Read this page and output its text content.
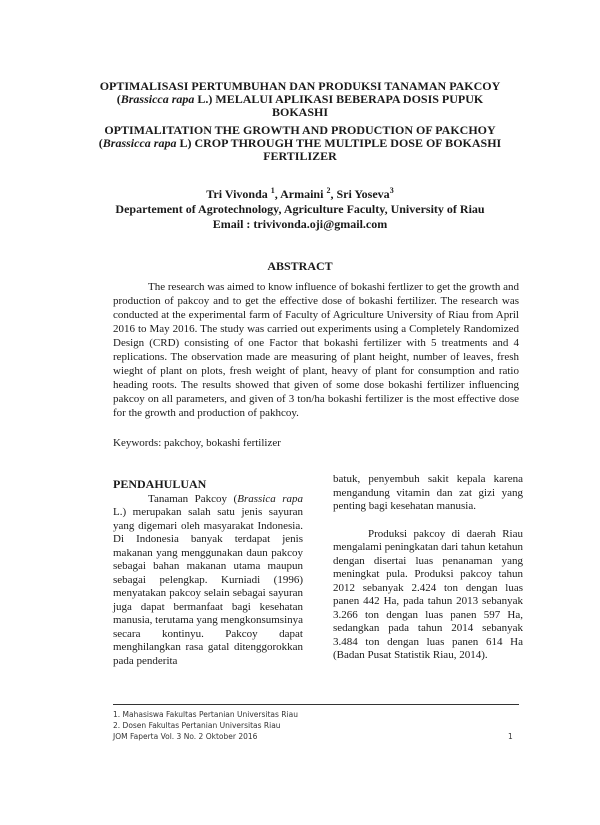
OPTIMALISASI PERTUMBUHAN DAN PRODUKSI TANAMAN PAKCOY
(Brassicca rapa L.) MELALUI APLIKASI BEBERAPA DOSIS PUPUK
BOKASHI
OPTIMALITATION THE GROWTH AND PRODUCTION OF PAKCHOY
(Brassicca rapa L) CROP THROUGH THE MULTIPLE DOSE OF BOKASHI
FERTILIZER
Tri Vivonda $^1$, Armaini $^2$, Sri Yoseva$^3$
Departement of Agrotechnology, Agriculture Faculty, University of Riau
Email : trivivonda.oji@gmail.com
ABSTRACT

The research was aimed to know influence of bokashi fertlizer to get the growth and production of pakcoy and to get the effective dose of bokashi fertilizer. The research was conducted at the experimental farm of Faculty of Agriculture University of Riau from April 2016 to May 2016. The study was carried out experiments using a Completely Randomized Design (CRD) consisting of one Factor that bokashi fertilizer with 5 treatments and 4 replications. The observation made are measuring of plant height, number of leaves, fresh wieght of plant on plots, fresh weight of plant, heavy of plant for consumption and ratio heading roots. The results showed that given of some dose bokashi fertilizer influencing pakcoy on all parameters, and given of 3 ton/ha bokashi fertilizer is the most effective dose for the growth and production of pakhcoy.

Keywords: pakchoy, bokashi fertilizer
PENDAHULUAN

Tanaman Pakcoy (Brassica rapa L.) merupakan salah satu jenis sayuran yang digemari oleh masyarakat Indonesia. Di Indonesia banyak terdapat jenis makanan yang menggunakan daun pakcoy sebagai bahan makanan utama maupun sebagai pelengkap. Kurniadi (1996) menyatakan pakcoy selain sebagai sayuran juga dapat bermanfaat bagi kesehatan manusia, terutama yang mengkonsumsinya secara kontinyu. Pakcoy dapat menghilangkan rasa gatal ditenggorokkan pada penderita

batuk, penyembuh sakit kepala karena mengandung vitamin dan zat gizi yang penting bagi kesehatan manusia.

Produksi pakcoy di daerah Riau mengalami peningkatan dari tahun ketahun dengan disertai luas penanaman yang meningkat pula. Produksi pakcoy tahun 2012 sebanyak 2.424 ton dengan luas panen 442 Ha, pada tahun 2013 sebanyak 3.266 ton dengan luas panen 597 Ha, sedangkan pada tahun 2014 sebanyak 3.484 ton dengan luas panen 614 Ha (Badan Pusat Statistik Riau, 2014).

1. Mahasiswa Fakultas Pertanian Universitas Riau
2. Dosen Fakultas Pertanian Universitas Riau
JOM Faperta Vol. 3 No. 2 Oktober 2016	1
